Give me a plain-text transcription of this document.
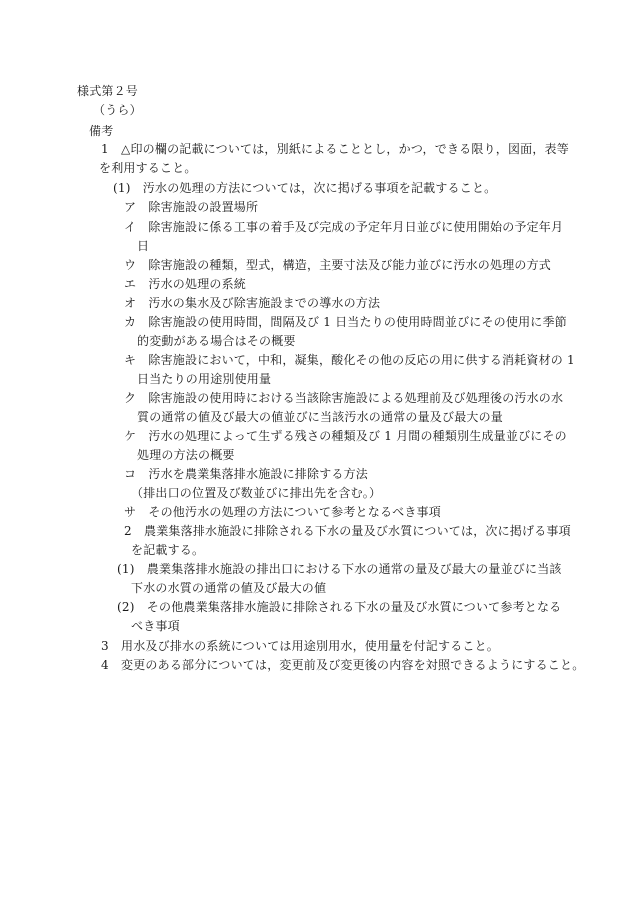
様式第２号
（うら）
備考
1　△印の欄の記載については，別紙によることとし，かつ，できる限り，図面，表等
を利用すること。
(1)　汚水の処理の方法については，次に掲げる事項を記載すること。
ア　除害施設の設置場所
イ　除害施設に係る工事の着手及び完成の予定年月日並びに使用開始の予定年月
日
ウ　除害施設の種類，型式，構造，主要寸法及び能力並びに汚水の処理の方式
エ　汚水の処理の系統
オ　汚水の集水及び除害施設までの導水の方法
カ　除害施設の使用時間，間隔及び 1 日当たりの使用時間並びにその使用に季節
的変動がある場合はその概要
キ　除害施設において，中和，凝集，酸化その他の反応の用に供する消耗資材の 1
日当たりの用途別使用量
ク　除害施設の使用時における当該除害施設による処理前及び処理後の汚水の水
質の通常の値及び最大の値並びに当該汚水の通常の量及び最大の量
ケ　汚水の処理によって生ずる残さの種類及び 1 月間の種類別生成量並びにその
処理の方法の概要
コ　汚水を農業集落排水施設に排除する方法
（排出口の位置及び数並びに排出先を含む。）
サ　その他汚水の処理の方法について参考となるべき事項
2　農業集落排水施設に排除される下水の量及び水質については，次に掲げる事項
を記載する。
(1)　農業集落排水施設の排出口における下水の通常の量及び最大の量並びに当該
下水の水質の通常の値及び最大の値
(2)　その他農業集落排水施設に排除される下水の量及び水質について参考となる
べき事項
3　用水及び排水の系統については用途別用水，使用量を付記すること。
4　変更のある部分については，変更前及び変更後の内容を対照できるようにすること。
